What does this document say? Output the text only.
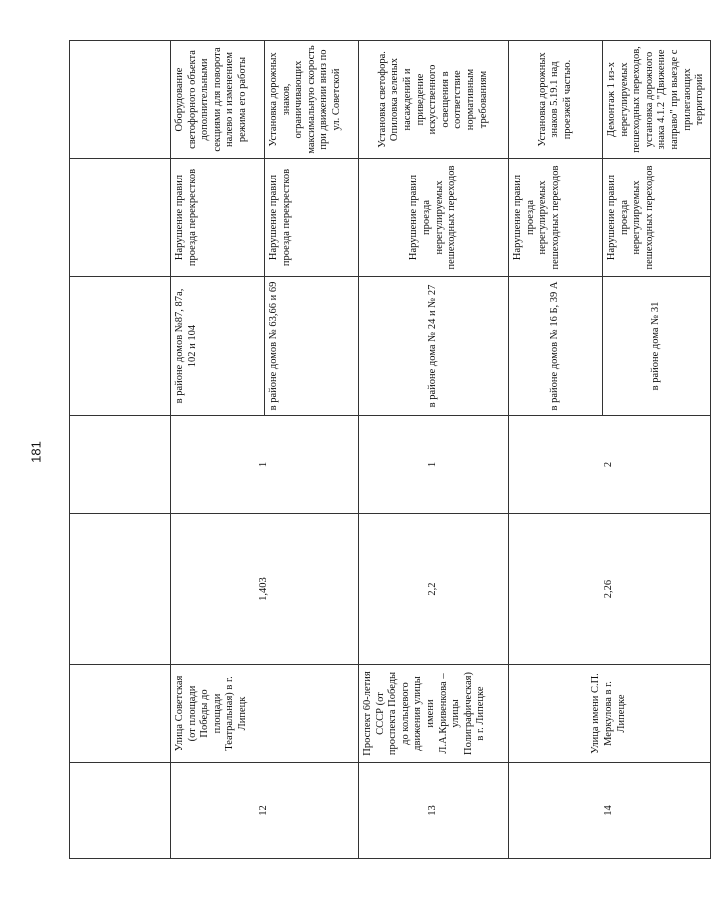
181

12	Улица Советская (от площади Победы до площади Театральная) в г. Липецк	1,403	1	в районе домов №87, 87а, 102 и 104	Нарушение правил проезда перекрестков	Оборудование светофорного объекта дополнительными секциями для поворота налево и изменением режима его работы
				в районе домов № 63,66 и 69	Нарушение правил проезда перекрестков	Установка дорожных знаков, ограничивающих максимальную скорость при движении вниз по ул. Советской
13	Проспект 60-летия СССР (от проспекта Победы до кольцевого движения улицы имени Л.А.Кривенкова – улицы Полиграфическая) в г. Липецке	2,2	1	в районе дома № 24 и № 27	Нарушение правил проезда нерегулируемых пешеходных переходов	Установка светофора. Опиловка зеленых насаждений и приведение искусственного освещения в соответствие нормативным требованиям
14	Улица имени С.П. Меркулова в г. Липецке	2,26	2	в районе домов № 16 Б, 39 А	Нарушение правил проезда нерегулируемых пешеходных переходов	Установка дорожных знаков 5.19.1 над проезжей частью.
				в районе дома № 31	Нарушение правил проезда нерегулируемых пешеходных переходов	Демонтаж 1 из-х нерегулируемых пешеходных переходов, установка дорожного знака 4.1.2 "Движение направо" при выезде с прилегающих территорий
